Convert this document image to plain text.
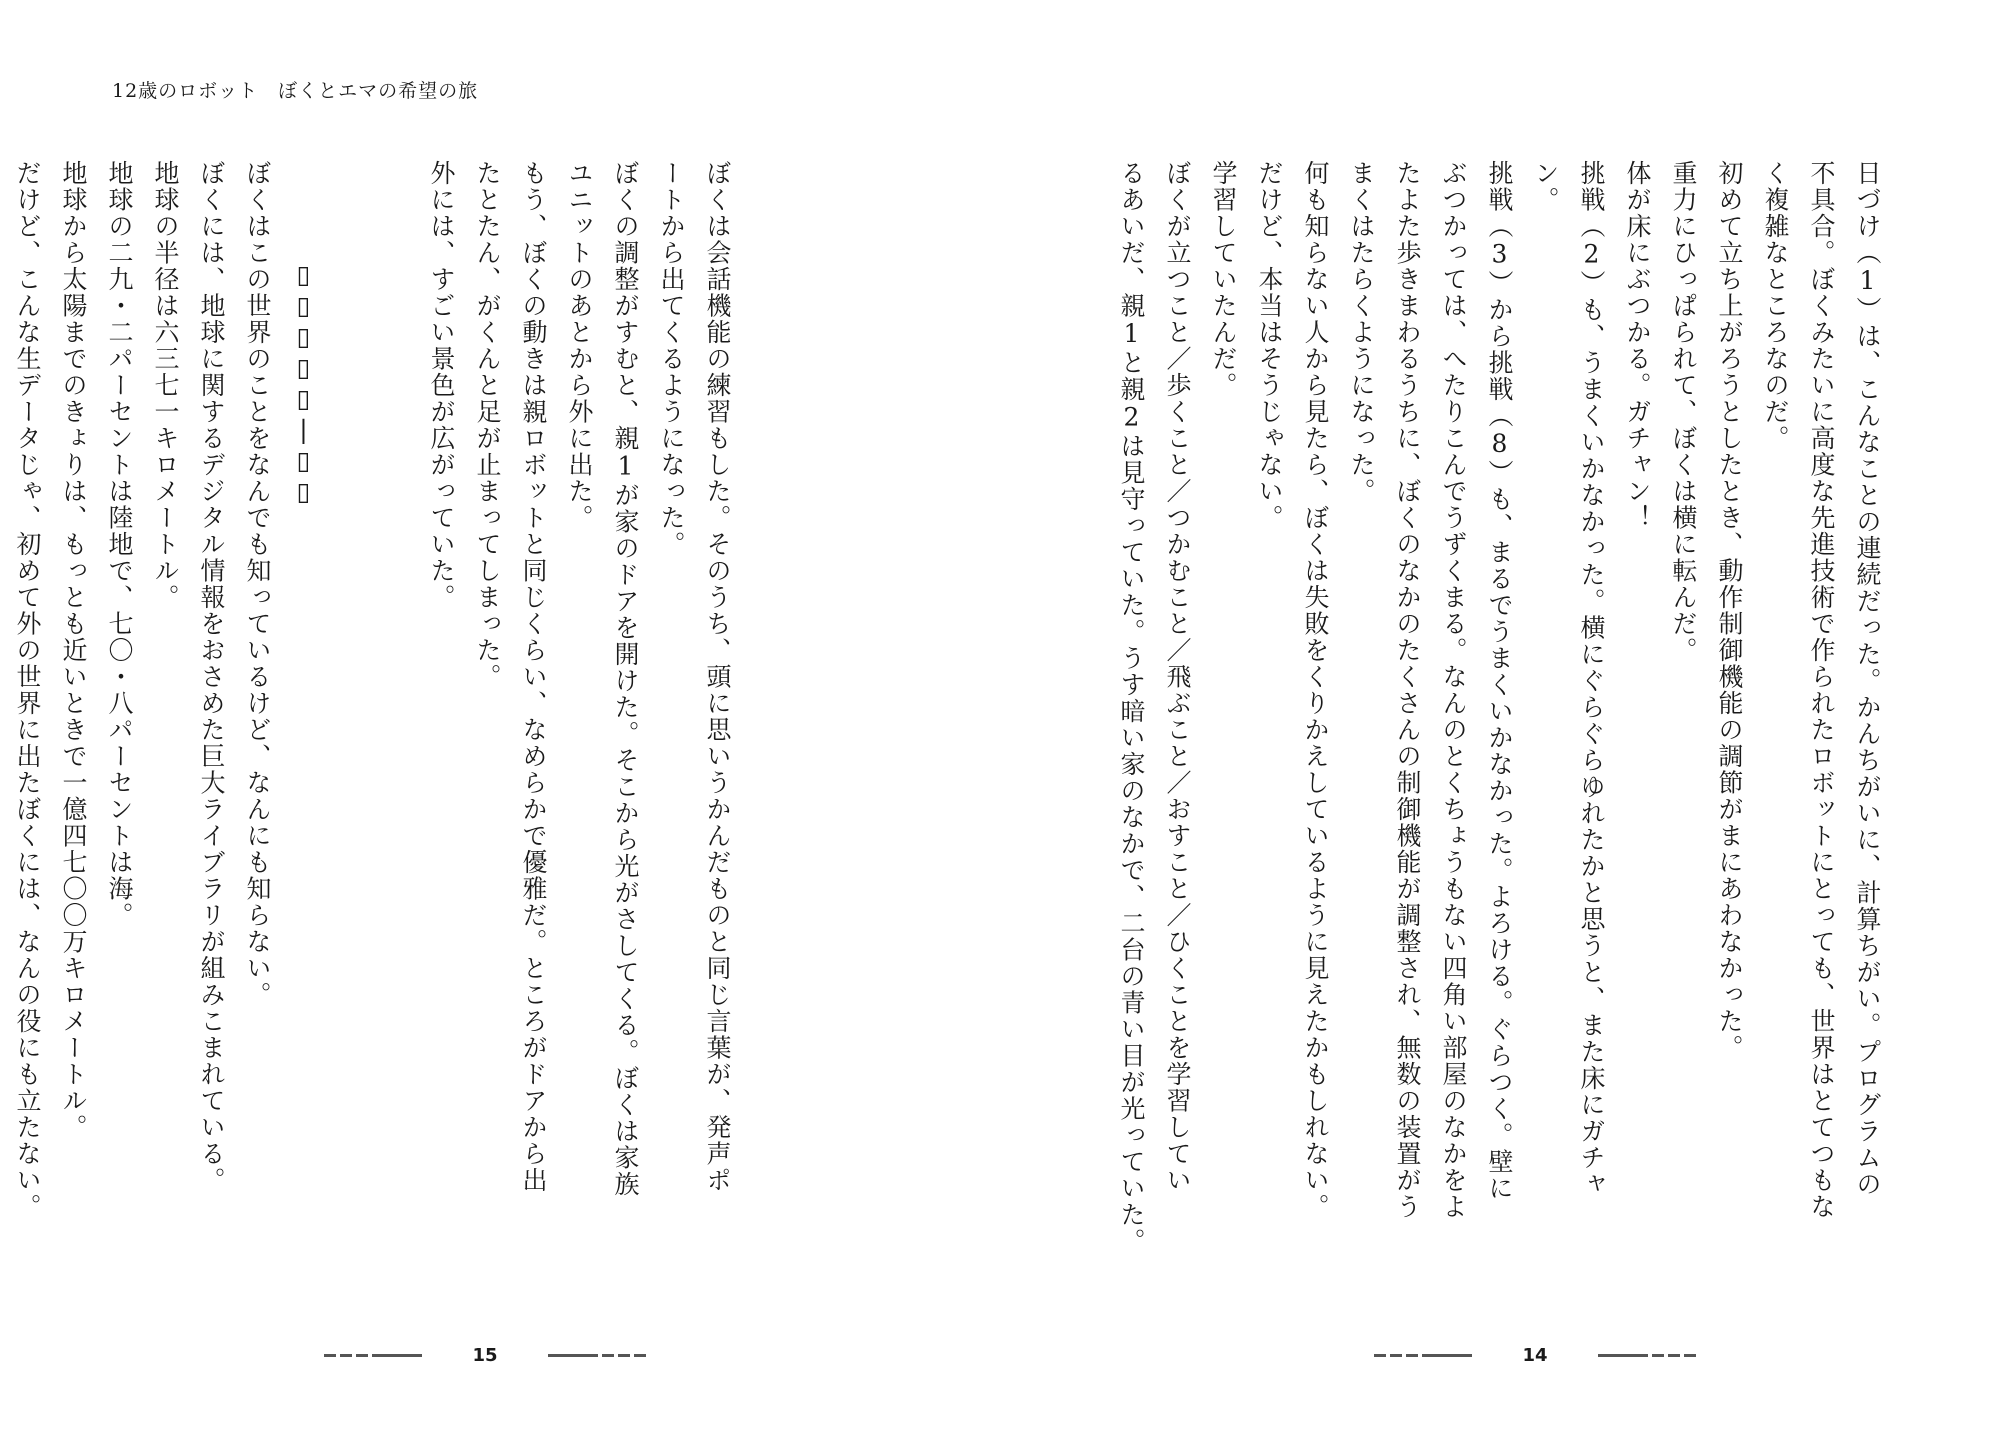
12歳のロボット　ぼくとエマの希望の旅
日づけ（1）は、こんなことの連続だった。かんちがいに、計算ちがい。プログラムの
不具合。ぼくみたいに高度な先進技術で作られたロボットにとっても、世界はとてつもな
く複雑なところなのだ。
初めて立ち上がろうとしたとき、動作制御機能の調節がまにあわなかった。
重力にひっぱられて、ぼくは横に転んだ。
体が床にぶつかる。ガチャン！
挑戦（2）も、うまくいかなかった。横にぐらぐらゆれたかと思うと、また床にガチャ
ン。
挑戦（3）から挑戦（8）も、まるでうまくいかなかった。よろける。ぐらつく。壁に
ぶつかっては、へたりこんでうずくまる。なんのとくちょうもない四角い部屋のなかをよ
たよた歩きまわるうちに、ぼくのなかのたくさんの制御機能が調整され、無数の装置がう
まくはたらくようになった。
何も知らない人から見たら、ぼくは失敗をくりかえしているように見えたかもしれない。
だけど、本当はそうじゃない。
学習していたんだ。
ぼくが立つこと／歩くこと／つかむこと／飛ぶこと／おすこと／ひくことを学習してい
るあいだ、親1と親2は見守っていた。うす暗い家のなかで、二台の青い目が光っていた。
ぼくは会話機能の練習もした。そのうち、頭に思いうかんだものと同じ言葉が、発声ポ
ートから出てくるようになった。
ぼくの調整がすむと、親1が家のドアを開けた。そこから光がさしてくる。ぼくは家族
ユニットのあとから外に出た。
もう、ぼくの動きは親ロボットと同じくらい、なめらかで優雅だ。ところがドアから出
たとたん、がくんと足が止まってしまった。
外には、すごい景色が広がっていた。
▯▯▯▯▯|▯▯
ぼくはこの世界のことをなんでも知っているけど、なんにも知らない。
ぼくには、地球に関するデジタル情報をおさめた巨大ライブラリが組みこまれている。
地球の半径は六三七一キロメートル。
地球の二九・二パーセントは陸地で、七〇・八パーセントは海。
地球から太陽までのきょりは、もっとも近いときで一億四七〇〇万キロメートル。
だけど、こんな生データじゃ、初めて外の世界に出たぼくには、なんの役にも立たない。
14
15
